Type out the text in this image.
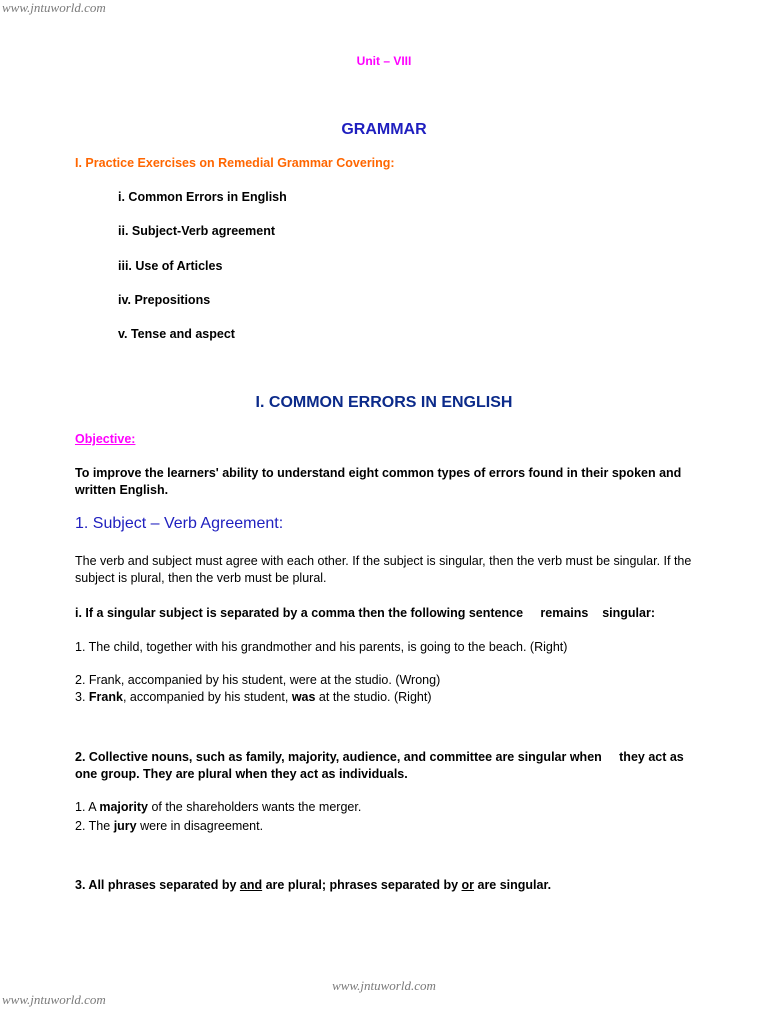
www.jntuworld.com
Unit – VIII
GRAMMAR
I. Practice Exercises on Remedial Grammar Covering:
i. Common Errors in English
ii. Subject-Verb agreement
iii. Use of Articles
iv. Prepositions
v. Tense and aspect
I. COMMON ERRORS IN ENGLISH
Objective:
To improve the learners' ability to understand eight common types of errors found in their spoken and written English.
1. Subject – Verb Agreement:
The verb and subject must agree with each other. If the subject is singular, then the verb must be singular. If the subject is plural, then the verb must be plural.
i. If a singular subject is separated by a comma then the following sentence     remains    singular:
1. The child, together with his grandmother and his parents, is going to the beach. (Right)
2. Frank, accompanied by his student, were at the studio. (Wrong)
3. Frank, accompanied by his student, was at the studio. (Right)
2. Collective nouns, such as family, majority, audience, and committee are singular when     they act as one group. They are plural when they act as individuals.
1. A majority of the shareholders wants the merger.
2. The jury were in disagreement.
3. All phrases separated by and are plural; phrases separated by or are singular.
www.jntuworld.com
www.jntuworld.com
